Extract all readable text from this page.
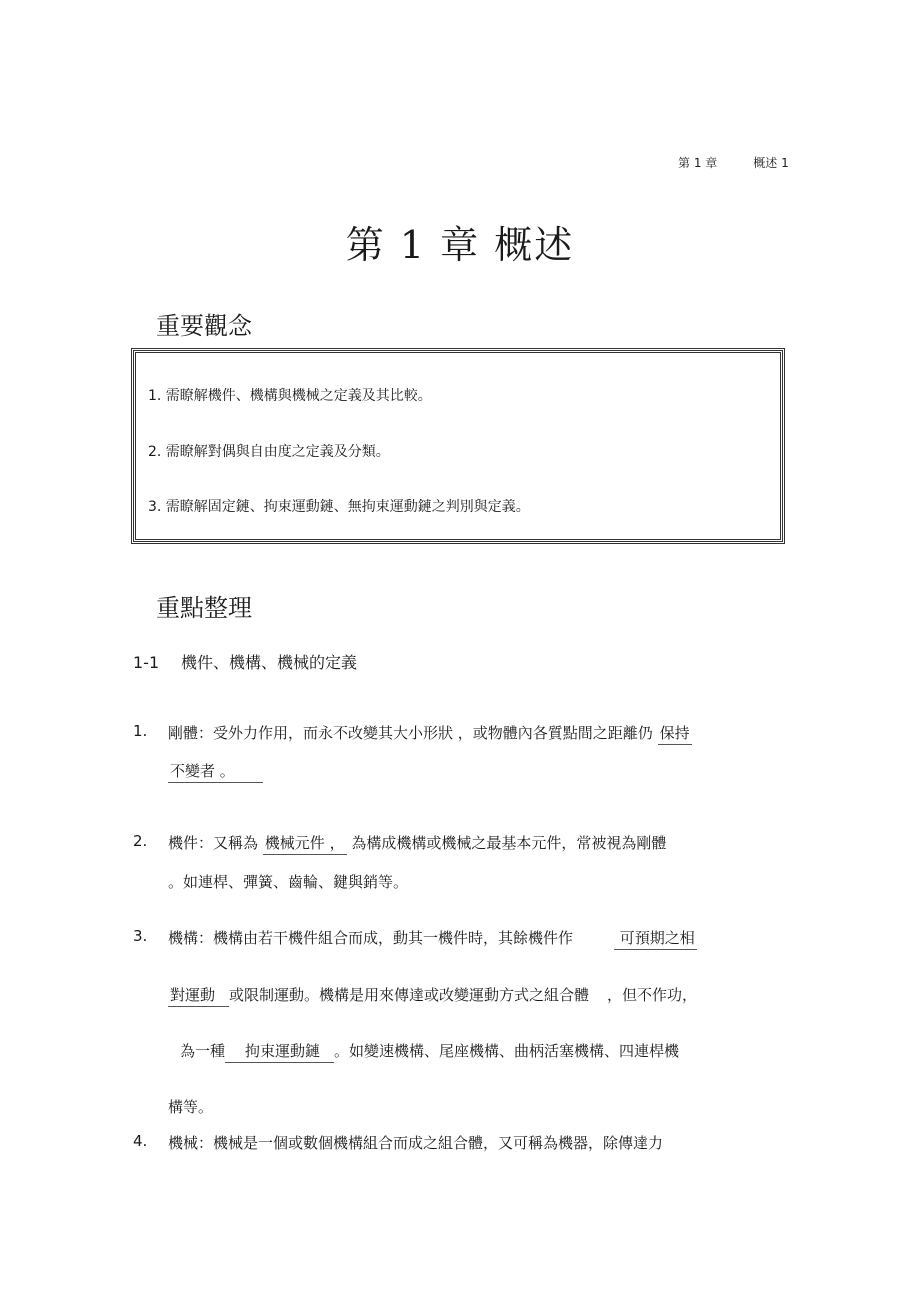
第 1 章	概述 1
第 1 章 概述
重要觀念
1. 需瞭解機件、機構與機械之定義及其比較。
2. 需瞭解對偶與自由度之定義及分類。
3. 需瞭解固定鏈、拘束運動鏈、無拘束運動鏈之判別與定義。
重點整理
1-1 機件、機構、機械的定義
1. 剛體：受外力作用，而永不改變其大小形狀 ，或物體內各質點間之距離仍 保持
不變者 。
2. 機件：又稱為 機械元件 ， 為構成機構或機械之最基本元件，常被視為剛體
。如連桿、彈簧、齒輪、鍵與銷等。
3. 機構：機構由若干機件組合而成，動其一機件時，其餘機件作	可預期之相
對運動 或限制運動。機構是用來傳達或改變運動方式之組合體 ，但不作功，
為一種 拘束運動鏈 。如變速機構、尾座機構、曲柄活塞機構、四連桿機
構等。
4. 機械：機械是一個或數個機構組合而成之組合體，又可稱為機器，除傳達力
